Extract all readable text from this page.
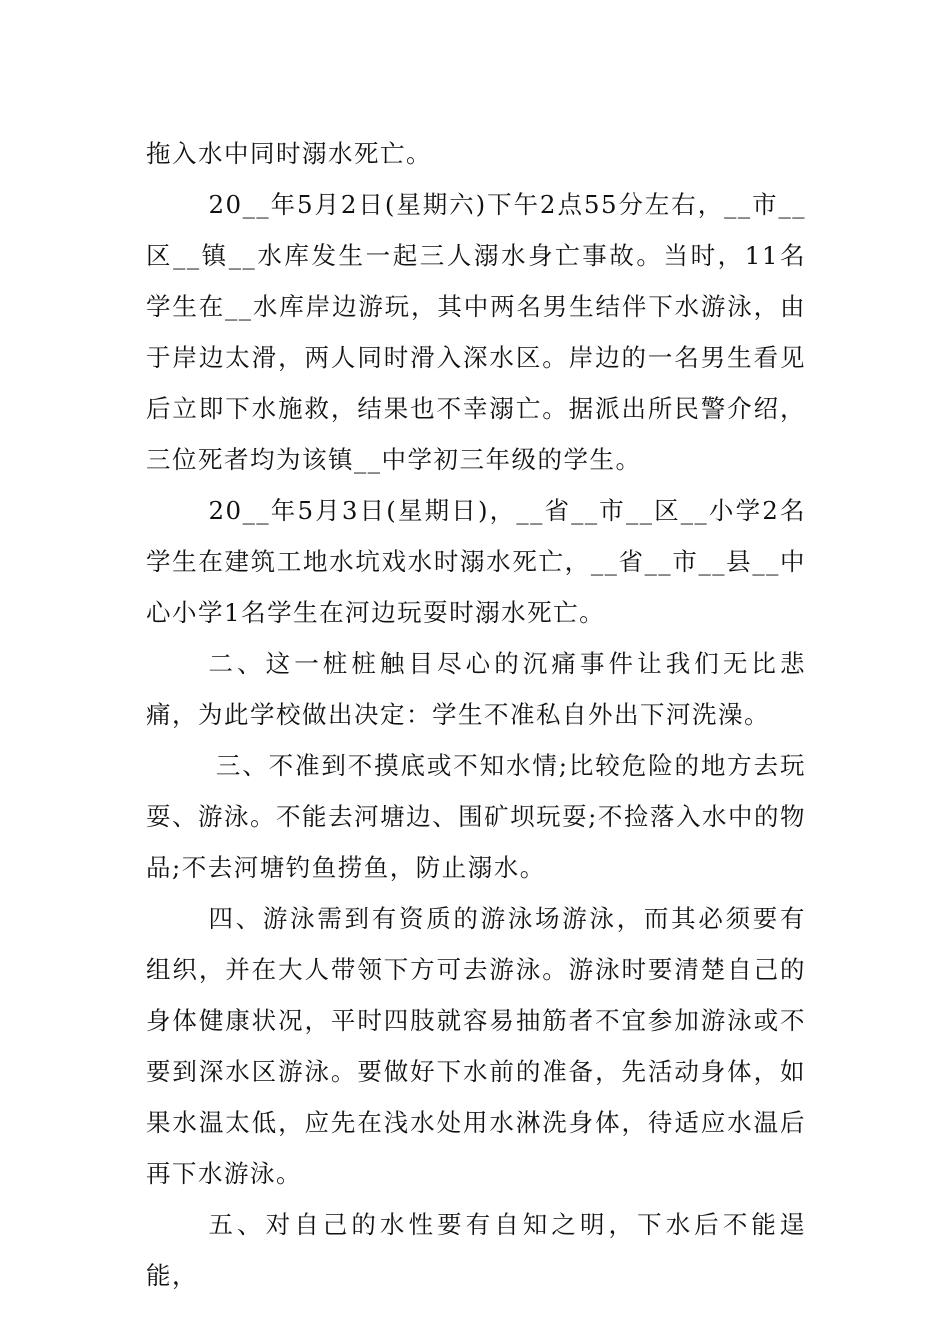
拖入水中同时溺水死亡。

20__年5月2日(星期六)下午2点55分左右，__市__区__镇__水库发生一起三人溺水身亡事故。当时，11名学生在__水库岸边游玩，其中两名男生结伴下水游泳，由于岸边太滑，两人同时滑入深水区。岸边的一名男生看见后立即下水施救，结果也不幸溺亡。据派出所民警介绍，三位死者均为该镇__中学初三年级的学生。

20__年5月3日(星期日)，__省__市__区__小学2名学生在建筑工地水坑戏水时溺水死亡，__省__市__县__中心小学1名学生在河边玩耍时溺水死亡。

二、这一桩桩触目尽心的沉痛事件让我们无比悲痛，为此学校做出决定：学生不准私自外出下河洗澡。

三、不准到不摸底或不知水情;比较危险的地方去玩耍、游泳。不能去河塘边、围矿坝玩耍;不捡落入水中的物品;不去河塘钓鱼捞鱼，防止溺水。

四、游泳需到有资质的游泳场游泳，而其必须要有组织，并在大人带领下方可去游泳。游泳时要清楚自己的身体健康状况，平时四肢就容易抽筋者不宜参加游泳或不要到深水区游泳。要做好下水前的准备，先活动身体，如果水温太低，应先在浅水处用水淋洗身体，待适应水温后再下水游泳。

五、对自己的水性要有自知之明，下水后不能逞能，
